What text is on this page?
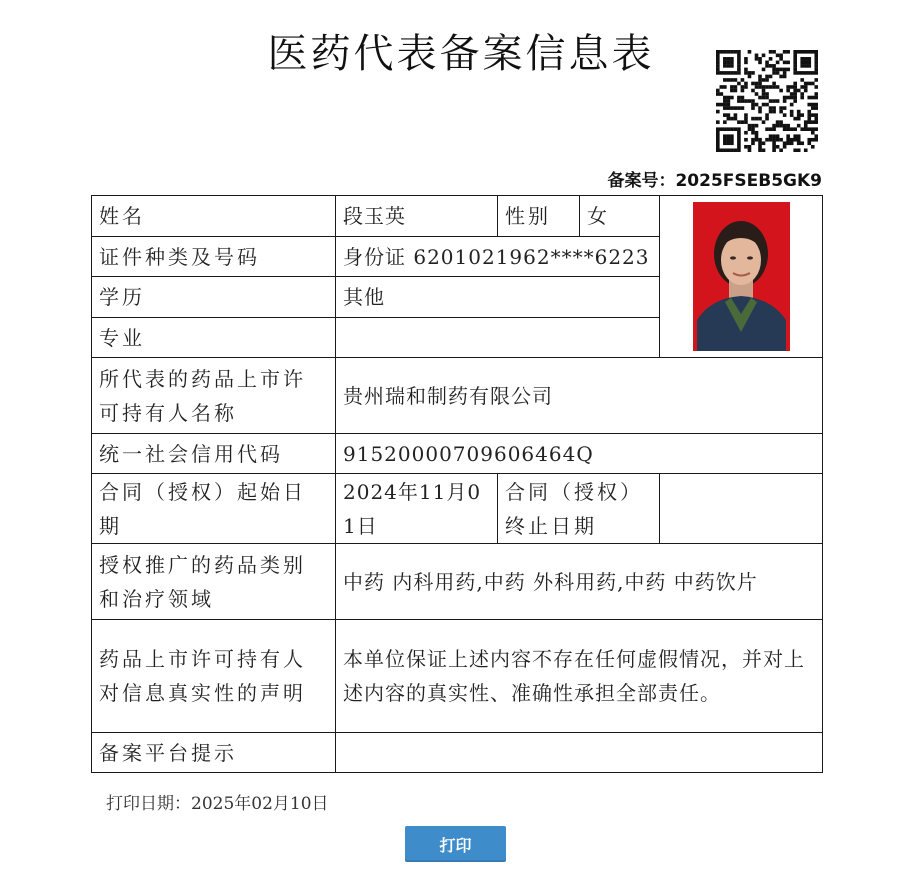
医药代表备案信息表
备案号：2025FSEB5GK9
姓名	段玉英	性别	女	

证件种类及号码	身份证 6201021962****6223			
学历	其他			
专业				
所代表的药品上市许可持有人名称	贵州瑞和制药有限公司			
统一社会信用代码	91520000709606464Q			
合同（授权）起始日期	2024年11月01日	合同（授权）终止日期		
授权推广的药品类别和治疗领域	中药 内科用药,中药 外科用药,中药 中药饮片			
药品上市许可持有人对信息真实性的声明	本单位保证上述内容不存在任何虚假情况，并对上述内容的真实性、准确性承担全部责任。			
备案平台提示				
打印日期：2025年02月10日
打印
